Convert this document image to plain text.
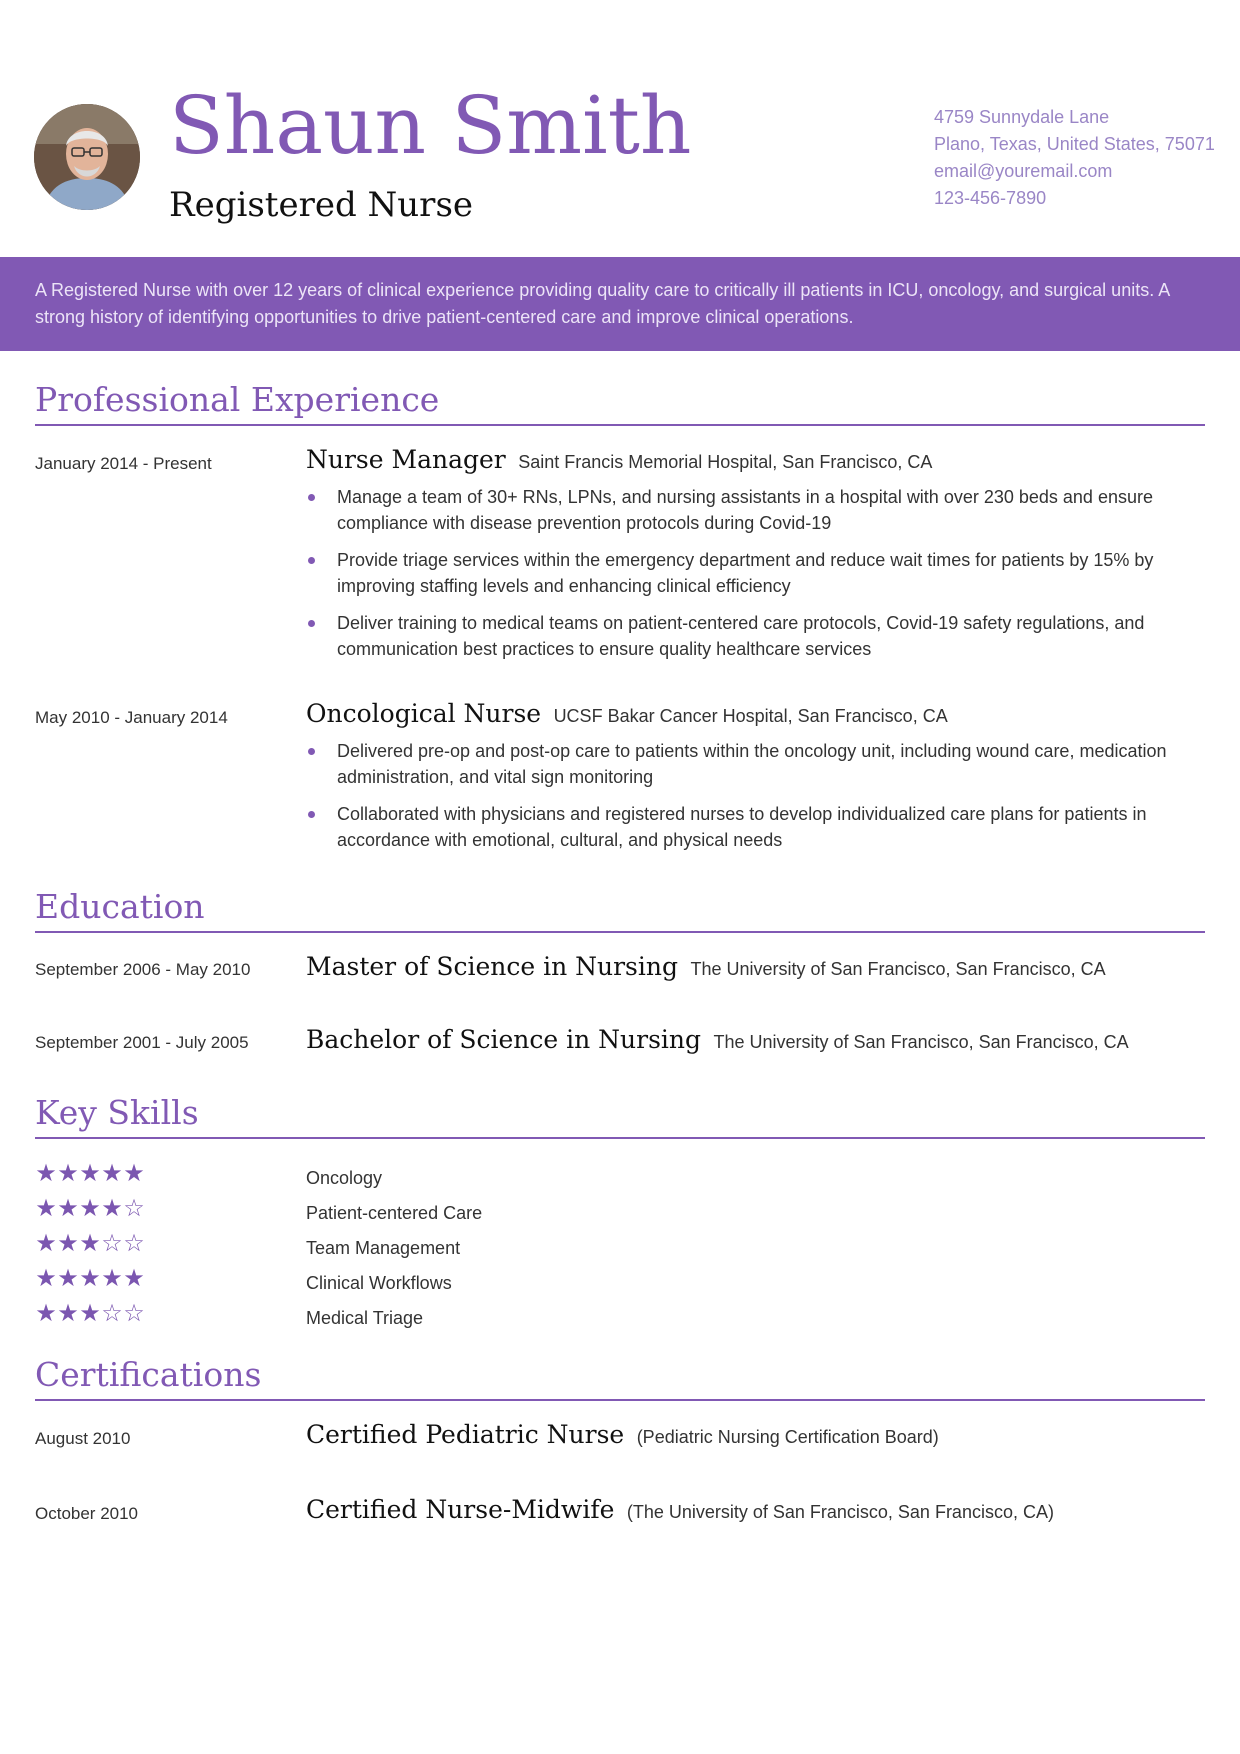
Shaun Smith
Registered Nurse
4759 Sunnydale Lane
Plano, Texas, United States, 75071
email@youremail.com
123-456-7890
A Registered Nurse with over 12 years of clinical experience providing quality care to critically ill patients in ICU, oncology, and surgical units. A strong history of identifying opportunities to drive patient-centered care and improve clinical operations.
Professional Experience
January 2014 - Present	Nurse Manager Saint Francis Memorial Hospital, San Francisco, CA
Manage a team of 30+ RNs, LPNs, and nursing assistants in a hospital with over 230 beds and ensure compliance with disease prevention protocols during Covid-19
Provide triage services within the emergency department and reduce wait times for patients by 15% by improving staffing levels and enhancing clinical efficiency
Deliver training to medical teams on patient-centered care protocols, Covid-19 safety regulations, and communication best practices to ensure quality healthcare services
May 2010 - January 2014	Oncological Nurse UCSF Bakar Cancer Hospital, San Francisco, CA
Delivered pre-op and post-op care to patients within the oncology unit, including wound care, medication administration, and vital sign monitoring
Collaborated with physicians and registered nurses to develop individualized care plans for patients in accordance with emotional, cultural, and physical needs
Education
September 2006 - May 2010 Master of Science in Nursing The University of San Francisco, San Francisco, CA
September 2001 - July 2005 Bachelor of Science in Nursing The University of San Francisco, San Francisco, CA
Key Skills
★★★★★	Oncology
★★★★☆	Patient-centered Care
★★★☆☆	Team Management
★★★★★	Clinical Workflows
★★★☆☆	Medical Triage
Certifications
August 2010	Certified Pediatric Nurse (Pediatric Nursing Certification Board)
October 2010	Certified Nurse-Midwife (The University of San Francisco, San Francisco, CA)
